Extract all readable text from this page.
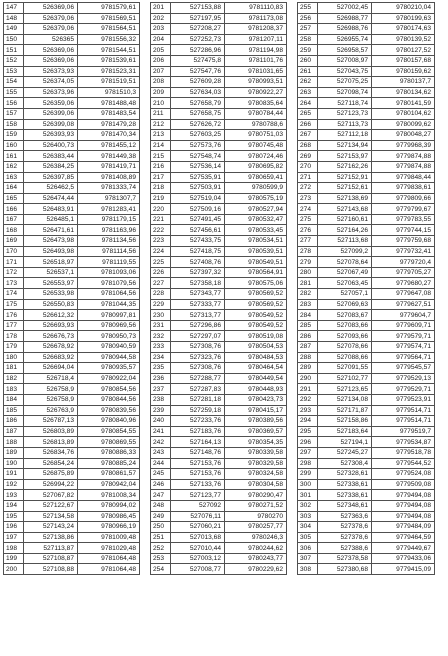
147	526369,06	9781579,61
148	526379,06	9781569,51
149	526379,06	9781564,51
150	526365	9781556,32
151	526369,06	9781544,51
152	526369,06	9781539,61
153	526373,93	9781523,31
154	526374,05	9781519,51
155	526373,96	9781510,3
156	526359,06	9781488,48
157	526399,06	9781483,54
158	526399,08	9781479,28
159	526393,93	9781470,34
160	526400,73	9781455,12
161	526383,44	9781449,38
162	526384,25	9781419,71
163	526397,85	9781408,89
164	526462,5	9781333,74
165	526474,44	9781307,7
166	526483,91	9781283,41
167	526485,1	9781179,15
168	526471,61	9781163,96
169	526473,98	9781134,56
170	526493,98	9781114,56
171	526518,97	9781119,55
172	526537,1	9781093,06
173	526553,97	9781079,56
174	526533,98	9781064,56
175	526550,83	9781044,35
176	526612,32	9780997,81
177	526693,93	9780969,56
178	526676,73	9780950,73
179	526678,92	9780940,59
180	526683,92	9780944,58
181	526694,04	9780935,57
182	526718,4	9780922,04
183	526758,9	9780854,56
184	526758,9	9780844,56
185	526763,9	9780839,56
186	526787,13	9780840,96
187	526803,89	9780854,55
188	526813,89	9780869,55
189	526834,76	9780886,33
190	526854,24	9780885,24
191	526875,89	9780861,57
192	526994,22	9780942,04
193	527067,82	9781008,34
194	527122,67	9780994,02
195	527134,58	9780986,45
196	527143,24	9780966,19
197	527138,86	9781009,48
198	527113,87	9781029,48
199	527108,87	9781064,48
200	527108,88	9781064,48
201	527153,88	9781110,83
202	527197,95	9781173,08
203	527208,27	9781208,37
204	527252,73	9781207,11
205	527286,96	9781194,98
206	527475,8	9781101,76
207	527547,76	9781031,65
208	527609,28	9780993,51
209	527634,03	9780922,27
210	527658,79	9780835,64
211	527658,75	9780784,44
212	527626,72	9780788,6
213	527603,25	9780751,03
214	527573,76	9780745,48
215	527548,74	9780724,46
216	527536,14	9780695,82
217	527535,91	9780659,41
218	527503,91	9780599,9
219	527519,04	9780575,19
220	527509,16	9780527,94
221	527491,45	9780532,47
222	527456,61	9780533,45
223	527433,75	9780534,51
224	527418,75	9780539,51
225	527408,76	9780549,51
226	527397,32	9780564,91
227	527358,18	9780575,06
228	527343,77	9780569,52
229	527333,77	9780569,52
230	527313,77	9780549,52
231	527296,86	9780549,52
232	527297,07	9780519,08
233	527308,76	9780504,53
234	527323,76	9780484,53
235	527308,76	9780464,54
236	527288,77	9780449,54
237	527287,83	9780448,93
238	527281,18	9780423,73
239	527259,18	9780415,17
240	527233,76	9780389,56
241	527183,76	9780369,57
242	527164,13	9780354,35
243	527148,76	9780339,58
244	527153,76	9780329,58
245	527153,76	9780324,58
246	527133,76	9780304,58
247	527123,77	9780290,47
248	527092	9780271,52
249	527076,11	9780270
250	527060,21	9780257,77
251	527013,68	9780246,3
252	527010,44	9780244,62
253	527003,12	9780243,77
254	527008,77	9780229,62
255	527002,45	9780210,04
256	526988,77	9780199,63
257	526988,76	9780174,63
258	526955,74	9780139,52
259	526958,57	9780127,52
260	527008,97	9780157,68
261	527043,75	9780159,62
262	527075,25	9780137,7
263	527098,74	9780134,62
264	527118,74	9780141,59
265	527123,73	9780104,62
266	527113,73	9780099,62
267	527112,18	9780048,27
268	527134,94	9779968,39
269	527153,97	9779874,88
270	527162,26	9779874,88
271	527152,91	9779848,44
272	527152,61	9779838,61
273	527138,69	9779809,66
274	527143,68	9779799,67
275	527160,61	9779783,55
276	527164,26	9779744,15
277	527113,68	9779759,68
278	527099,2	9779732,41
279	527078,64	9779720,4
280	527067,49	9779705,27
281	527063,45	9779680,27
282	527057,1	9779647,08
283	527069,63	9779627,51
284	527083,67	9779604,7
285	527083,66	9779609,71
286	527093,66	9779579,71
287	527078,66	9779574,71
288	527088,66	9779564,71
289	527091,55	9779545,57
290	527102,77	9779529,13
291	527123,65	9779529,71
292	527134,08	9779523,91
293	527171,87	9779514,71
294	527158,86	9779514,71
295	527183,64	9779519,7
296	527194,1	9779534,87
297	527245,27	9779518,78
298	527308,4	9779544,52
299	527328,61	9779524,08
300	527338,61	9779509,08
301	527338,61	9779494,08
302	527348,61	9779494,08
303	527363,6	9779494,08
304	527378,6	9779484,09
305	527378,6	9779464,59
306	527388,6	9779449,67
307	527378,58	9779433,06
308	527380,68	9779415,09
